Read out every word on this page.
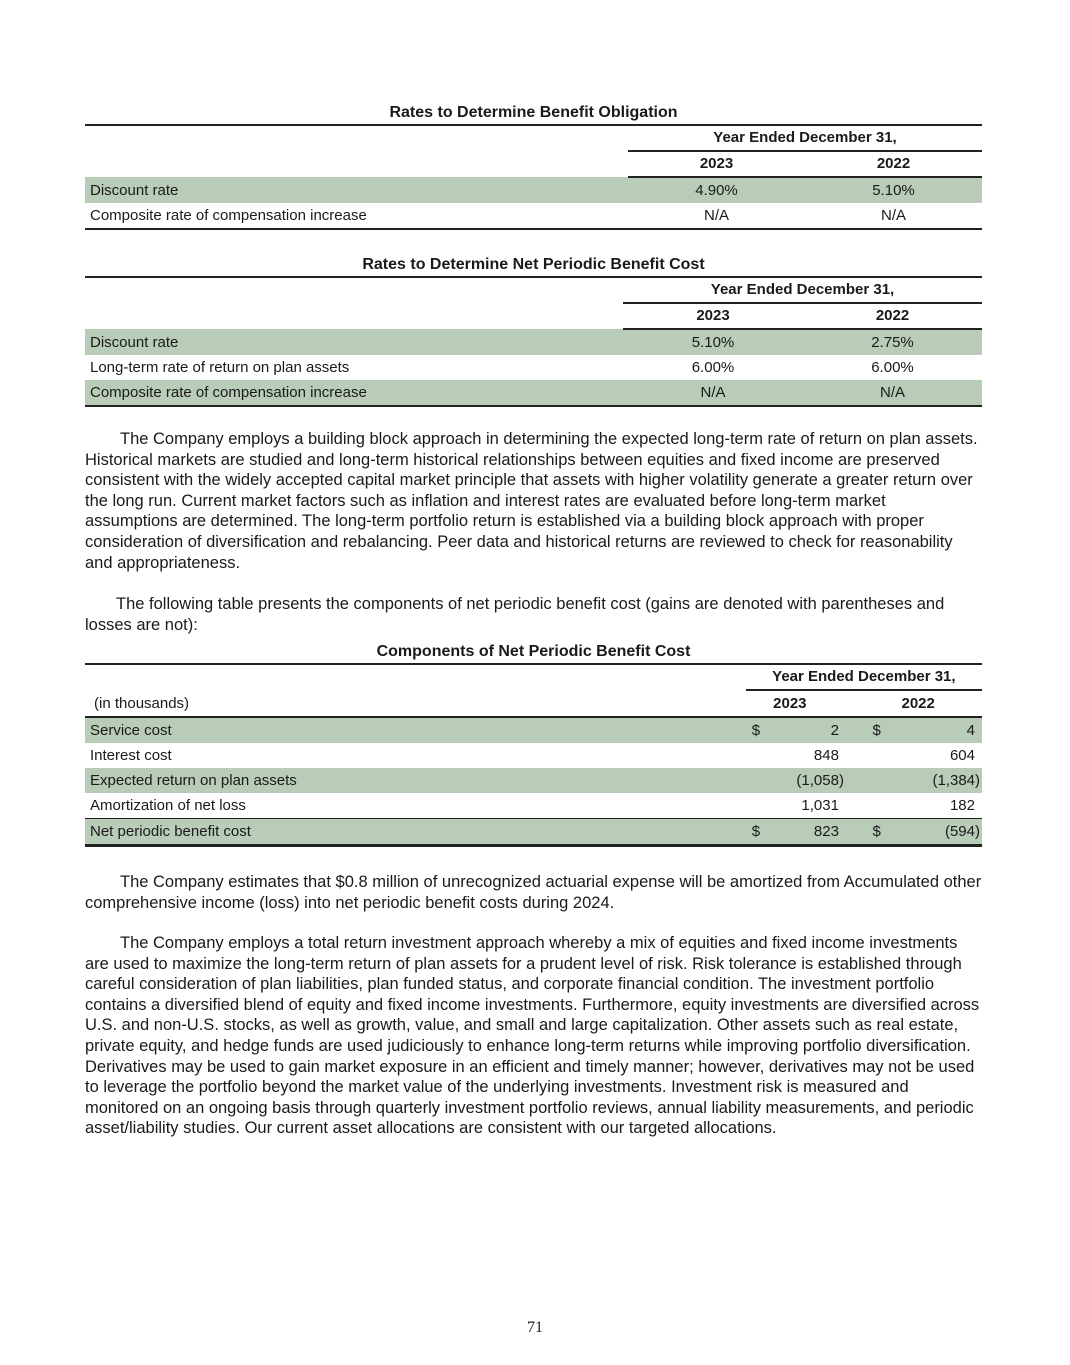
Rates to Determine Benefit Obligation
	Year Ended December 31,	
	2023	2022
Discount rate	4.90%	5.10%
Composite rate of compensation increase	N/A	N/A
Rates to Determine Net Periodic Benefit Cost
	Year Ended December 31,	
	2023	2022
Discount rate	5.10%	2.75%
Long-term rate of return on plan assets	6.00%	6.00%
Composite rate of compensation increase	N/A	N/A

The Company employs a building block approach in determining the expected long-term rate of return on plan assets. Historical markets are studied and long-term historical relationships between equities and fixed income are preserved consistent with the widely accepted capital market principle that assets with higher volatility generate a greater return over the long run. Current market factors such as inflation and interest rates are evaluated before long-term market assumptions are determined. The long-term portfolio return is established via a building block approach with proper consideration of diversification and rebalancing. Peer data and historical returns are reviewed to check for reasonability and appropriateness.

The following table presents the components of net periodic benefit cost (gains are denoted with parentheses and losses are not):

Components of Net Periodic Benefit Cost
	Year Ended December 31,				
(in thousands)	2023			2022	
Service cost	$	2		$	4
Interest cost		848			604
Expected return on plan assets		(1,058)			(1,384)
Amortization of net loss		1,031			182
Net periodic benefit cost	$	823		$	(594)

The Company estimates that $0.8 million of unrecognized actuarial expense will be amortized from Accumulated other comprehensive income (loss) into net periodic benefit costs during 2024.

The Company employs a total return investment approach whereby a mix of equities and fixed income investments are used to maximize the long-term return of plan assets for a prudent level of risk. Risk tolerance is established through careful consideration of plan liabilities, plan funded status, and corporate financial condition. The investment portfolio contains a diversified blend of equity and fixed income investments. Furthermore, equity investments are diversified across U.S. and non-U.S. stocks, as well as growth, value, and small and large capitalization. Other assets such as real estate, private equity, and hedge funds are used judiciously to enhance long-term returns while improving portfolio diversification. Derivatives may be used to gain market exposure in an efficient and timely manner; however, derivatives may not be used to leverage the portfolio beyond the market value of the underlying investments. Investment risk is measured and monitored on an ongoing basis through quarterly investment portfolio reviews, annual liability measurements, and periodic asset/liability studies. Our current asset allocations are consistent with our targeted allocations.

71
